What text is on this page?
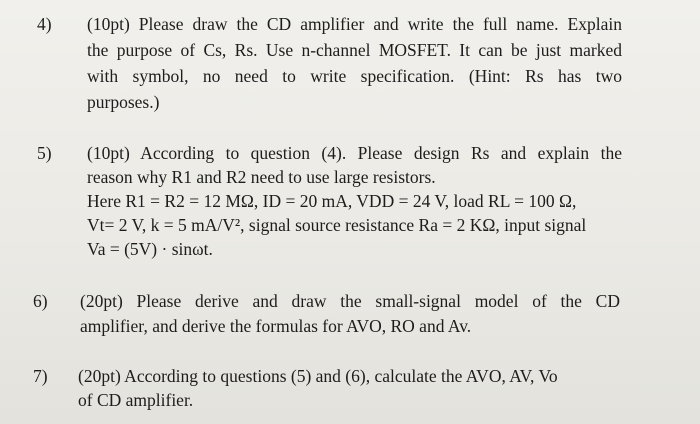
4) (10pt) Please draw the CD amplifier and write the full name. Explain
the purpose of Cs, Rs. Use n-channel MOSFET. It can be just marked
with symbol, no need to write specification. (Hint: Rs has two
purposes.)
5) (10pt) According to question (4). Please design Rs and explain the
reason why R1 and R2 need to use large resistors.
Here R1 = R2 = 12 MΩ, ID = 20 mA, VDD = 24 V, load RL = 100 Ω,
Vt= 2 V, k = 5 mA/V², signal source resistance Ra = 2 KΩ, input signal
Va = (5V) · sinωt.
6) (20pt) Please derive and draw the small-signal model of the CD
amplifier, and derive the formulas for AVO, RO and Av.
7) (20pt) According to questions (5) and (6), calculate the AVO, AV, Vo
of CD amplifier.
